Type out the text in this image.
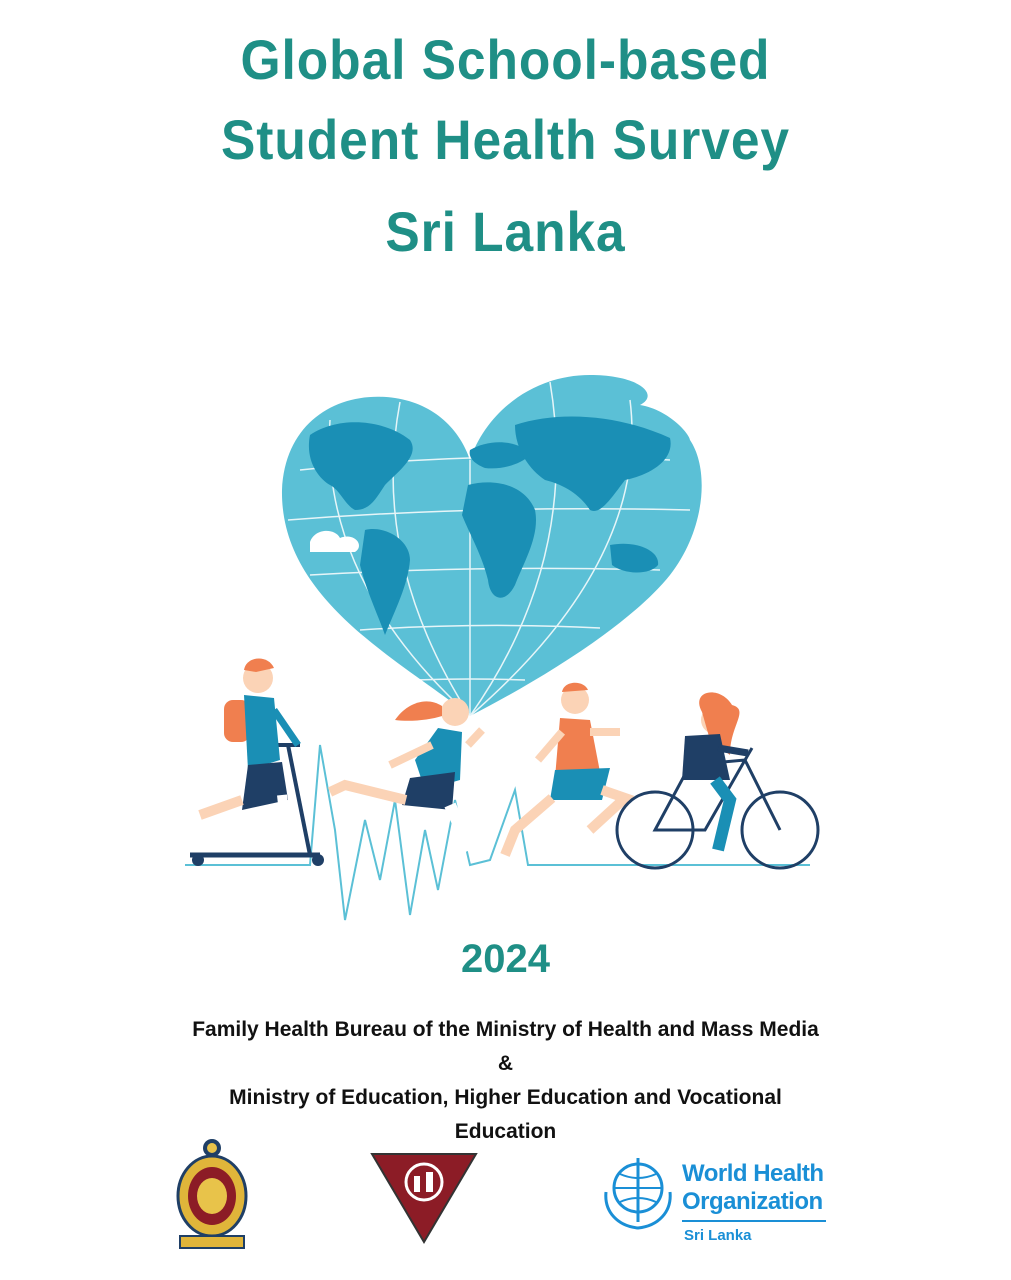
Global School-based
Student Health Survey
Sri Lanka
2024
Family Health Bureau of the Ministry of Health and Mass Media
&
Ministry of Education, Higher Education and Vocational
Education
World Health
Organization
Sri Lanka
